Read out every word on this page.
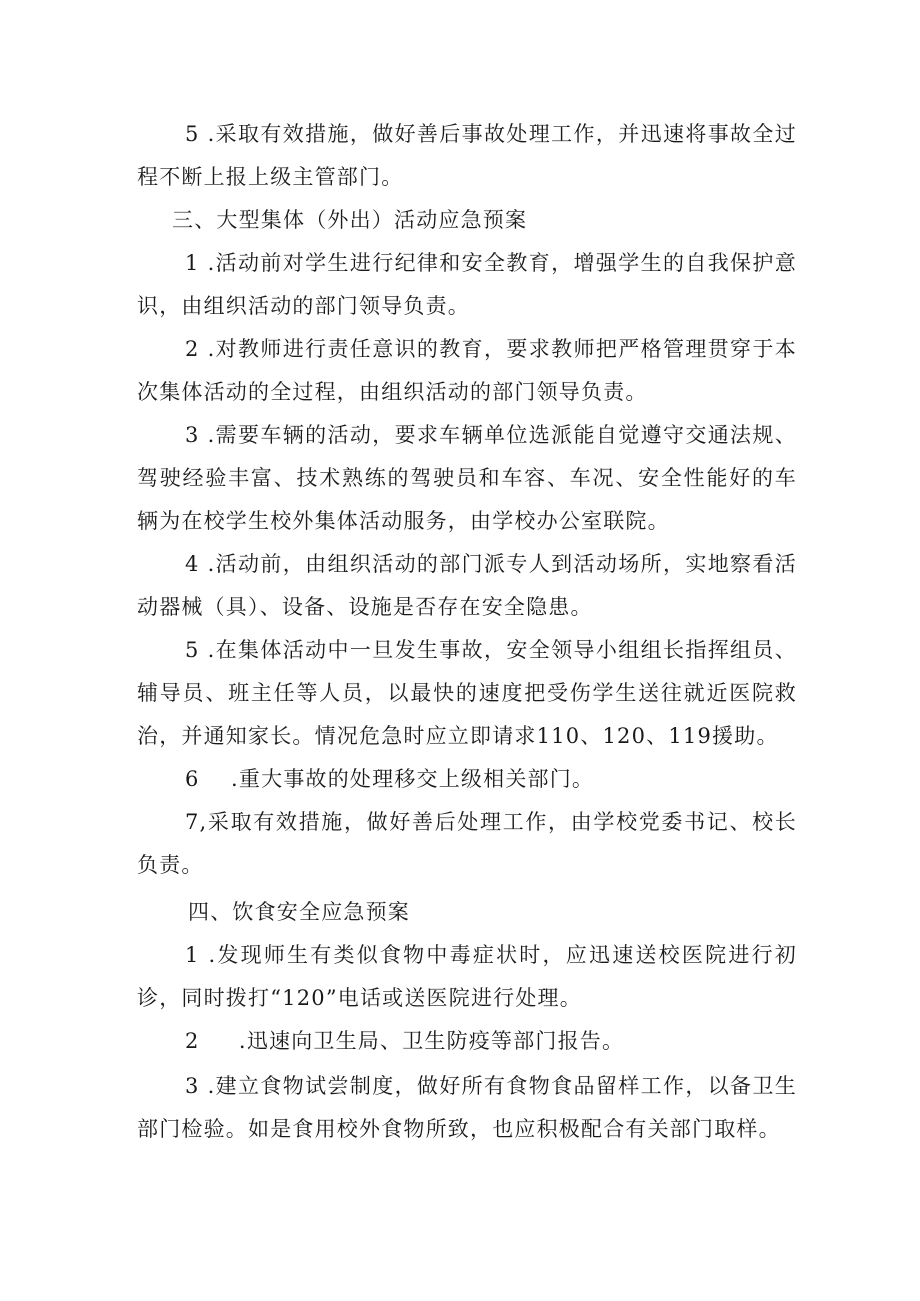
5 .采取有效措施，做好善后事故处理工作，并迅速将事故全过程不断上报上级主管部门。

三、大型集体（外出）活动应急预案

1 .活动前对学生进行纪律和安全教育，增强学生的自我保护意识，由组织活动的部门领导负责。

2 .对教师进行责任意识的教育，要求教师把严格管理贯穿于本次集体活动的全过程，由组织活动的部门领导负责。

3 .需要车辆的活动，要求车辆单位选派能自觉遵守交通法规、驾驶经验丰富、技术熟练的驾驶员和车容、车况、安全性能好的车辆为在校学生校外集体活动服务，由学校办公室联院。

4 .活动前，由组织活动的部门派专人到活动场所，实地察看活动器械（具）、设备、设施是否存在安全隐患。

5 .在集体活动中一旦发生事故，安全领导小组组长指挥组员、辅导员、班主任等人员，以最快的速度把受伤学生送往就近医院救治，并通知家长。情况危急时应立即请求110、120、119援助。

6    .重大事故的处理移交上级相关部门。

7,采取有效措施，做好善后处理工作，由学校党委书记、校长负责。

四、饮食安全应急预案

1 .发现师生有类似食物中毒症状时，应迅速送校医院进行初诊，同时拨打“120”电话或送医院进行处理。

2     .迅速向卫生局、卫生防疫等部门报告。

3 .建立食物试尝制度，做好所有食物食品留样工作，以备卫生部门检验。如是食用校外食物所致，也应积极配合有关部门取样。
